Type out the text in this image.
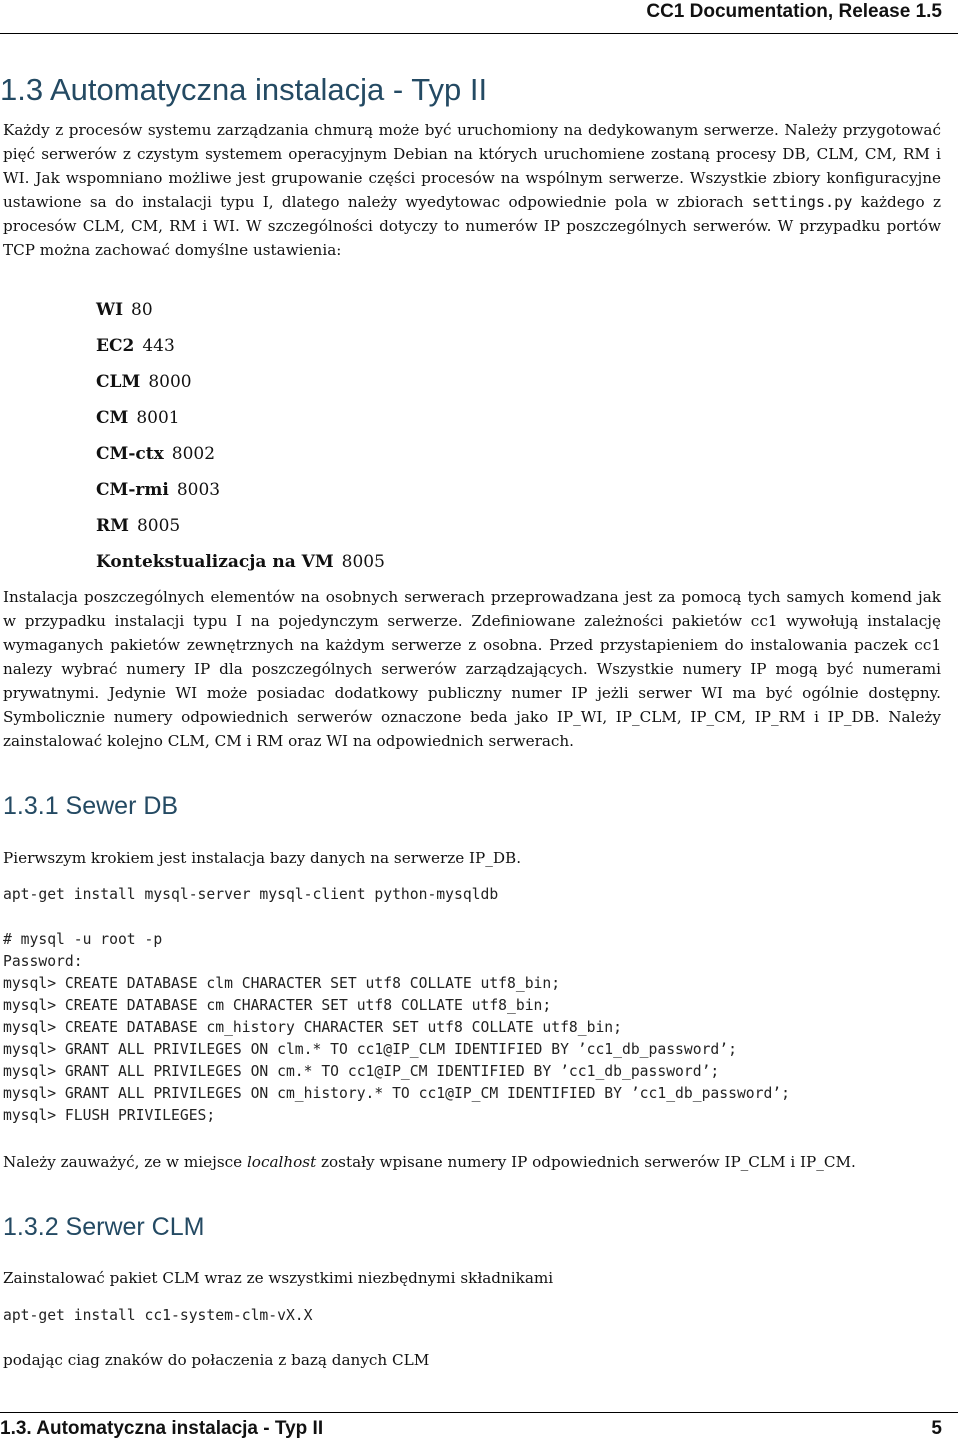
CC1 Documentation, Release 1.5
1.3 Automatyczna instalacja - Typ II

Każdy z procesów systemu zarządzania chmurą może być uruchomiony na dedykowanym serwerze. Należy przygotować pięć serwerów z czystym systemem operacyjnym Debian na których uruchomiene zostaną procesy DB, CLM, CM, RM i WI. Jak wspomniano możliwe jest grupowanie części procesów na wspólnym serwerze. Wszystkie zbiory konfiguracyjne ustawione sa do instalacji typu I, dlatego należy wyedytowac odpowiednie pola w zbiorach settings.py każdego z procesów CLM, CM, RM i WI. W szczególności dotyczy to numerów IP poszczególnych serwerów. W przypadku portów TCP można zachować domyślne ustawienia:

WI 80
EC2 443
CLM 8000
CM 8001
CM-ctx 8002
CM-rmi 8003
RM 8005
Kontekstualizacja na VM 8005

Instalacja poszczególnych elementów na osobnych serwerach przeprowadzana jest za pomocą tych samych komend jak w przypadku instalacji typu I na pojedynczym serwerze. Zdefiniowane zależności pakietów cc1 wywołują instalację wymaganych pakietów zewnętrznych na każdym serwerze z osobna. Przed przystapieniem do instalowania paczek cc1 nalezy wybrać numery IP dla poszczególnych serwerów zarządzających. Wszystkie numery IP mogą być numerami prywatnymi. Jedynie WI może posiadac dodatkowy publiczny numer IP jeżli serwer WI ma być ogólnie dostępny. Symbolicznie numery odpowiednich serwerów oznaczone beda jako IP_WI, IP_CLM, IP_CM, IP_RM i IP_DB. Należy zainstalować kolejno CLM, CM i RM oraz WI na odpowiednich serwerach.

1.3.1 Sewer DB

Pierwszym krokiem jest instalacja bazy danych na serwerze IP_DB.

apt-get install mysql-server mysql-client python-mysqldb
# mysql -u root -p
Password:
mysql> CREATE DATABASE clm CHARACTER SET utf8 COLLATE utf8_bin;
mysql> CREATE DATABASE cm CHARACTER SET utf8 COLLATE utf8_bin;
mysql> CREATE DATABASE cm_history CHARACTER SET utf8 COLLATE utf8_bin;
mysql> GRANT ALL PRIVILEGES ON clm.* TO cc1@IP_CLM IDENTIFIED BY ’cc1_db_password’;
mysql> GRANT ALL PRIVILEGES ON cm.* TO cc1@IP_CM IDENTIFIED BY ’cc1_db_password’;
mysql> GRANT ALL PRIVILEGES ON cm_history.* TO cc1@IP_CM IDENTIFIED BY ’cc1_db_password’;
mysql> FLUSH PRIVILEGES;

Należy zauważyć, ze w miejsce localhost zostały wpisane numery IP odpowiednich serwerów IP_CLM i IP_CM.

1.3.2 Serwer CLM

Zainstalować pakiet CLM wraz ze wszystkimi niezbędnymi składnikami

apt-get install cc1-system-clm-vX.X

podając ciag znaków do połaczenia z bazą danych CLM

1.3. Automatyczna instalacja - Typ II	5
